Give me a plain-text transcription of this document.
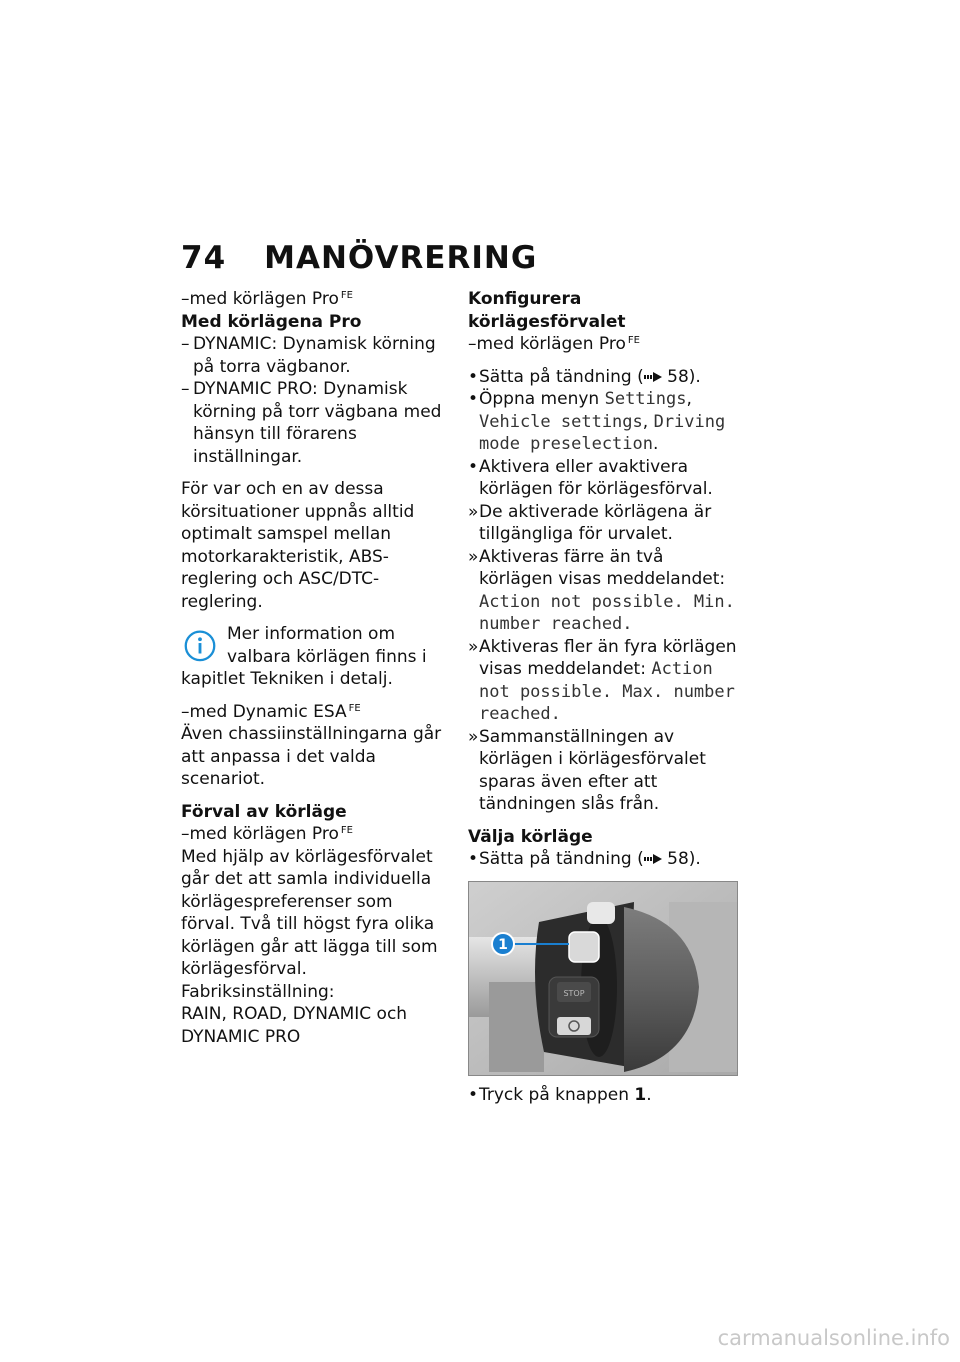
74 MANÖVRERING

–med körlägen Pro $^{FE}$

Med körlägena Pro

– DYNAMIC: Dynamisk körning på torra vägbanor.
– DYNAMIC PRO: Dynamisk körning på torr vägbana med hänsyn till förarens inställningar.

För var och en av dessa körsituationer uppnås alltid optimalt samspel mellan motorkarakteristik, ABS-reglering och ASC/DTC-reglering.

Mer information om valbara körlägen finns i kapitlet Tekniken i detalj.

–med Dynamic ESA $^{FE}$

Även chassiinställningarna går att anpassa i det valda scenariot.

Förval av körläge

–med körlägen Pro $^{FE}$

Med hjälp av körlägesförvalet går det att samla individuella körlägespreferenser som förval. Två till högst fyra olika körlägen går att lägga till som körlägesförval.

Fabriksinställning:

RAIN, ROAD, DYNAMIC och DYNAMIC PRO

Konfigurera körlägesförvalet

–med körlägen Pro $^{FE}$

• Sätta på tändning ( 58).
• Öppna menyn Settings, Vehicle settings, Driving mode preselection.
• Aktivera eller avaktivera körlägen för körlägesförval.
» De aktiverade körlägena är tillgängliga för urvalet.
» Aktiveras färre än två körlägen visas meddelandet: Action not possible. Min. number reached.
» Aktiveras fler än fyra körlägen visas meddelandet: Action not possible. Max. number reached.
» Sammanställningen av körlägen i körlägesförvalet sparas även efter att tändningen slås från.

Välja körläge

• Sätta på tändning ( 58).
STOP
1
• Tryck på knappen 1.
carmanualsonline.info
